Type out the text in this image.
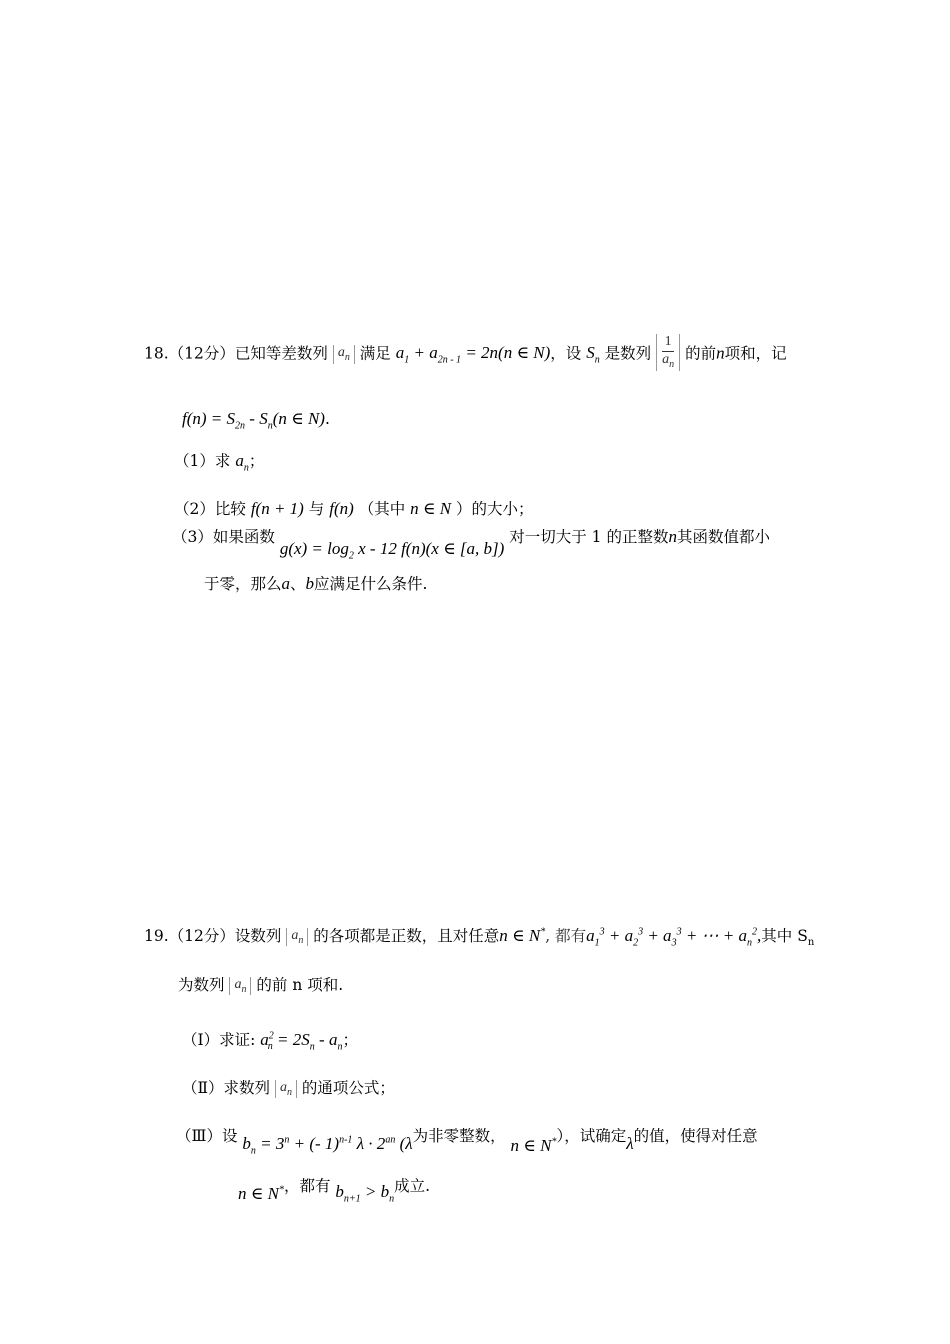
18.（12分）已知等差数列 $a_n$ 满足 $a_1 + a_{2n - 1} = 2n(n$ ∈ N)，设 $S_n$ 是数列 $\frac{1}{a_n}$ 的前n项和，记
$f(n) = S_{2n} - S_n(n$ ∈ N).
（1）求 $a_n$；
（2）比较 f(n + 1) 与 f(n) （其中 n ∈ N ）的大小；
（3）如果函数 $g(x) = \log_2 x - 12$ f(n)(x ∈ [a, b]) 对一切大于 1 的正整数n其函数值都小
于零，那么a、b应满足什么条件.
19.（12分）设数列 $a_n$ 的各项都是正数，且对任意n ∈ N*, 都有$a_1^3 + a_2^3 + a_3^3$ + ⋯ + $a_n^2$,其中 $S_n$
为数列 $a_n$ 的前 n 项和.
（Ⅰ）求证: $a^2_n = 2S_n - a_n$；
（Ⅱ）求数列 $a_n$ 的通项公式；
（Ⅲ）设 $b_n = 3^n$ + (- 1)$^{n-1}$ $\lambda \cdot 2^{an}$ (λ为非零整数， n ∈ N*），试确定λ的值，使得对任意
n ∈ N*，都有 $b_{n+1} > b_n$成立.
